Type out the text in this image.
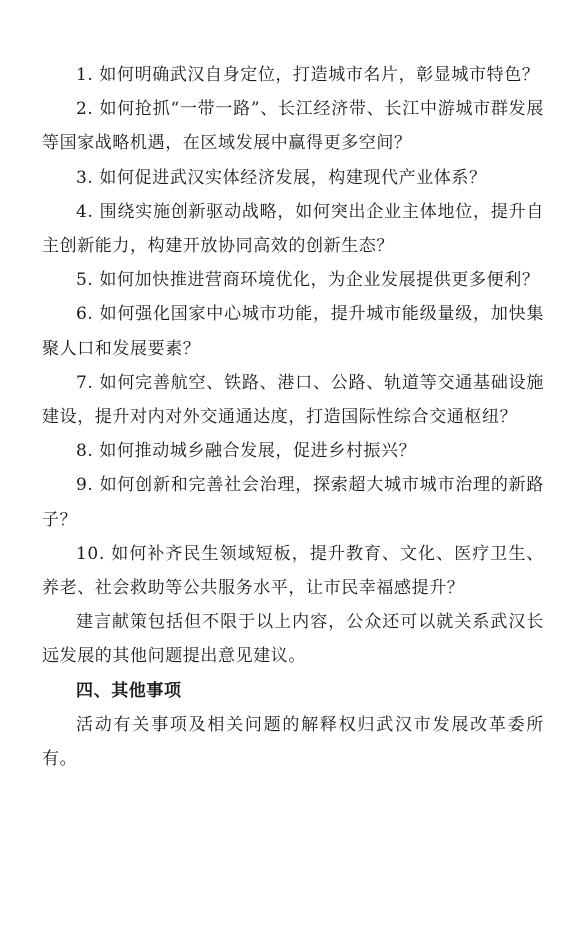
1. 如何明确武汉自身定位，打造城市名片，彰显城市特色？

2. 如何抢抓“一带一路”、长江经济带、长江中游城市群发展等国家战略机遇，在区域发展中赢得更多空间？

3. 如何促进武汉实体经济发展，构建现代产业体系？

4. 围绕实施创新驱动战略，如何突出企业主体地位，提升自主创新能力，构建开放协同高效的创新生态？

5. 如何加快推进营商环境优化，为企业发展提供更多便利？

6. 如何强化国家中心城市功能，提升城市能级量级，加快集聚人口和发展要素？

7. 如何完善航空、铁路、港口、公路、轨道等交通基础设施建设，提升对内对外交通通达度，打造国际性综合交通枢纽？

8. 如何推动城乡融合发展，促进乡村振兴？

9. 如何创新和完善社会治理，探索超大城市城市治理的新路子？

10. 如何补齐民生领域短板，提升教育、文化、医疗卫生、养老、社会救助等公共服务水平，让市民幸福感提升？

建言献策包括但不限于以上内容，公众还可以就关系武汉长远发展的其他问题提出意见建议。

四、其他事项

活动有关事项及相关问题的解释权归武汉市发展改革委所有。
